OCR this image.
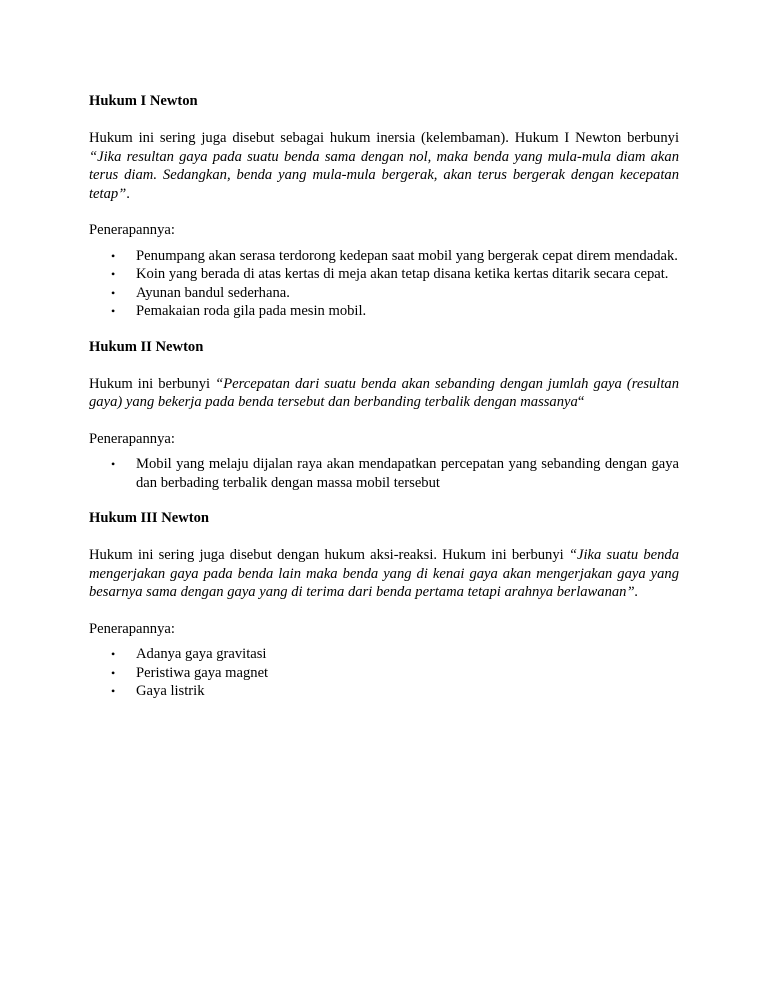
Hukum I Newton

Hukum ini sering juga disebut sebagai hukum inersia (kelembaman). Hukum I Newton berbunyi “Jika resultan gaya pada suatu benda sama dengan nol, maka benda yang mula-mula diam akan terus diam. Sedangkan, benda yang mula-mula bergerak, akan terus bergerak dengan kecepatan tetap”.

Penerapannya:

• Penumpang akan serasa terdorong kedepan saat mobil yang bergerak cepat direm mendadak.
• Koin yang berada di atas kertas di meja akan tetap disana ketika kertas ditarik secara cepat.
• Ayunan bandul sederhana.
• Pemakaian roda gila pada mesin mobil.
Hukum II Newton

Hukum ini berbunyi “Percepatan dari suatu benda akan sebanding dengan jumlah gaya (resultan gaya) yang bekerja pada benda tersebut dan berbanding terbalik dengan massanya“

Penerapannya:

• Mobil yang melaju dijalan raya akan mendapatkan percepatan yang sebanding dengan gaya dan berbading terbalik dengan massa mobil tersebut
Hukum III Newton

Hukum ini sering juga disebut dengan hukum aksi-reaksi. Hukum ini berbunyi “Jika suatu benda mengerjakan gaya pada benda lain maka benda yang di kenai gaya akan mengerjakan gaya yang besarnya sama dengan gaya yang di terima dari benda pertama tetapi arahnya berlawanan”.

Penerapannya:

• Adanya gaya gravitasi
• Peristiwa gaya magnet
• Gaya listrik
